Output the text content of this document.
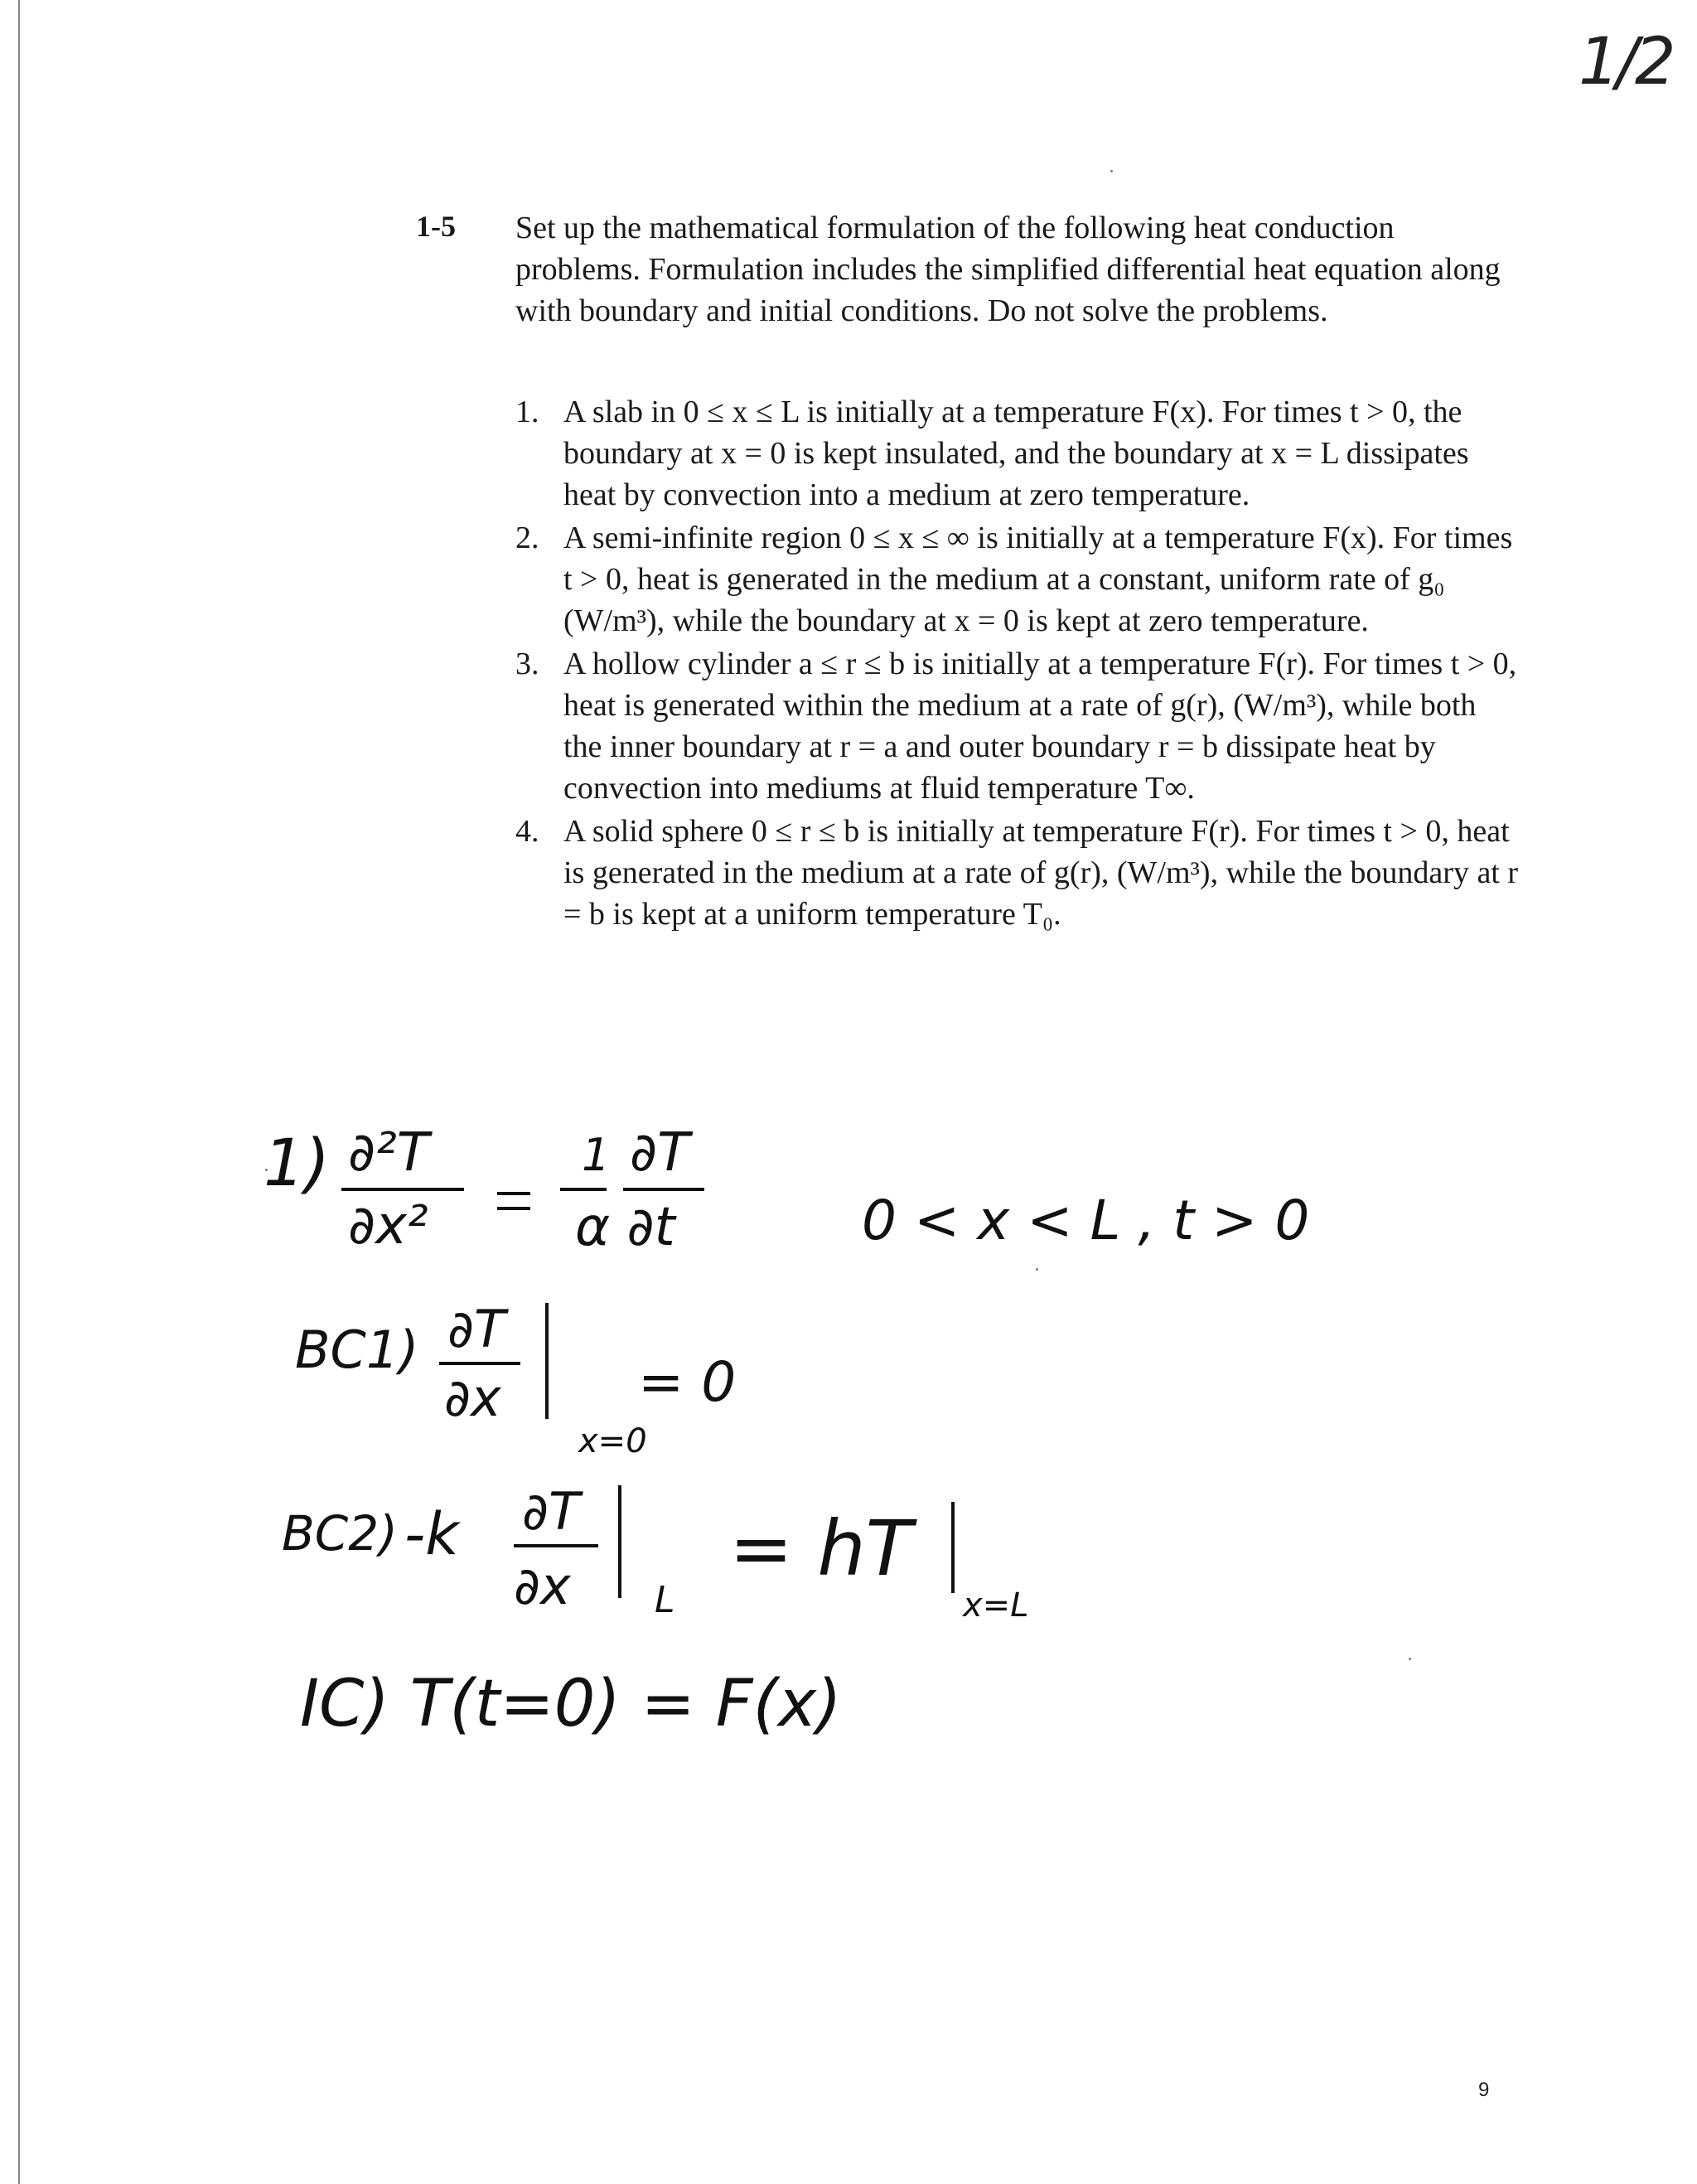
1/2
1-5 Set up the mathematical formulation of the following heat conduction problems. Formulation includes the simplified differential heat equation along with boundary and initial conditions. Do not solve the problems.

1. A slab in 0 ≤ x ≤ L is initially at a temperature F(x). For times t > 0, the boundary at x = 0 is kept insulated, and the boundary at x = L dissipates heat by convection into a medium at zero temperature.
2. A semi-infinite region 0 ≤ x ≤ ∞ is initially at a temperature F(x). For times t > 0, heat is generated in the medium at a constant, uniform rate of g₀ (W/m³), while the boundary at x = 0 is kept at zero temperature.
3. A hollow cylinder a ≤ r ≤ b is initially at a temperature F(r). For times t > 0, heat is generated within the medium at a rate of g(r), (W/m³), while both the inner boundary at r = a and outer boundary r = b dissipate heat by convection into mediums at fluid temperature T∞.
4. A solid sphere 0 ≤ r ≤ b is initially at temperature F(r). For times t > 0, heat is generated in the medium at a rate of g(r), (W/m³), while the boundary at r = b is kept at a uniform temperature T₀.
1) ∂²T
∂x²
1 ∂T
α ∂t	0 < x < L , t > 0
BC1) ∂T
∂x
x=0
= 0
BC2) -k ∂T
∂x L
= hT
x=L
IC) T(t=0) = F(x)
9
